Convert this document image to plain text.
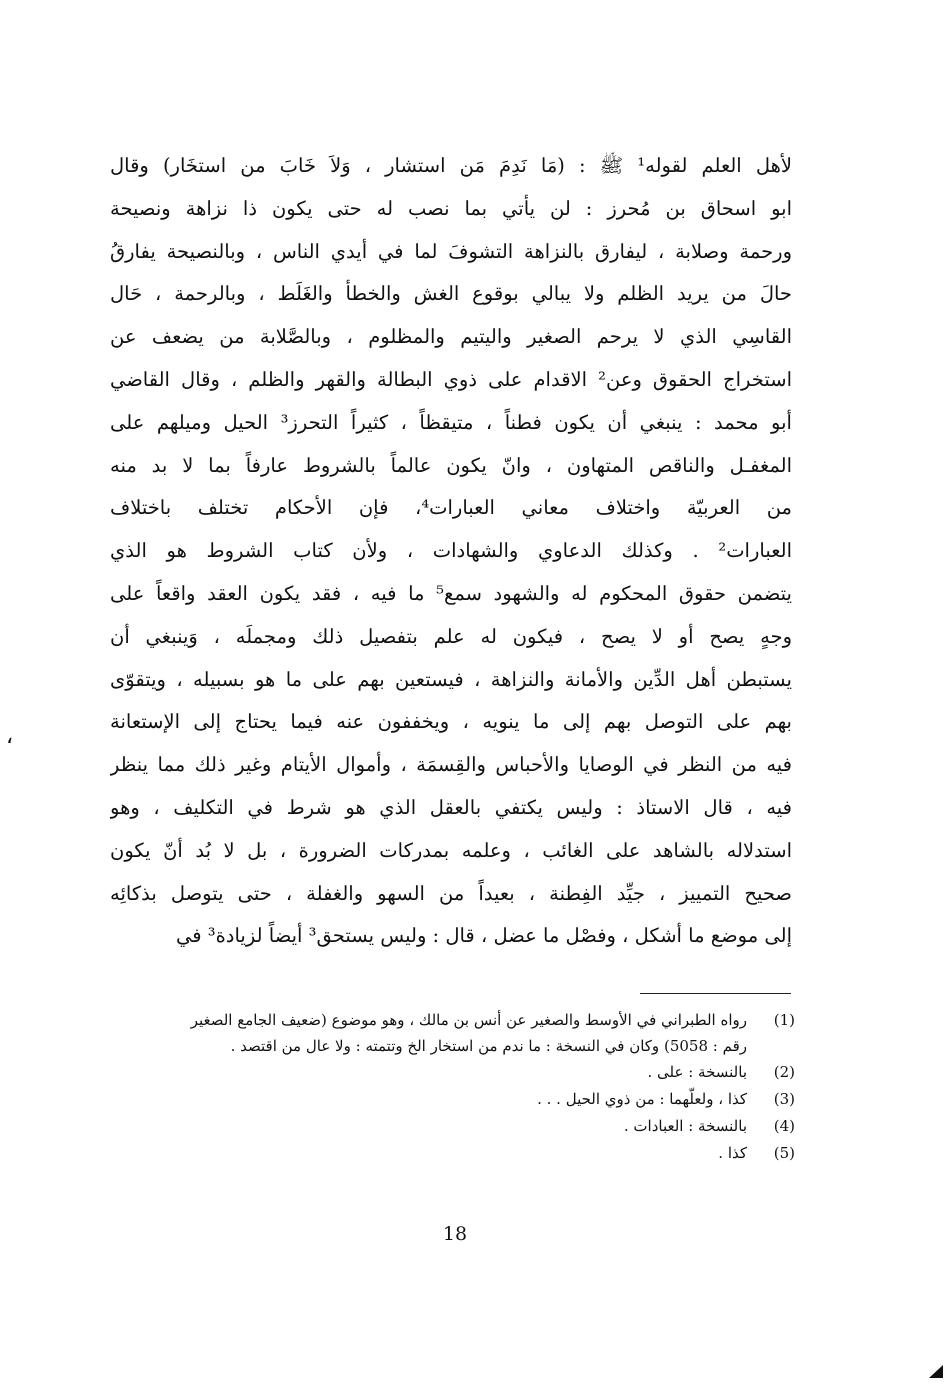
لأهل العلم لقوله¹ ﷺ : (مَا نَدِمَ مَن استشار ، وَلاَ خَابَ من استخَار) وقال
ابو اسحاق بن مُحرز : لن يأتي بما نصب له حتى يكون ذا نزاهة ونصيحة
ورحمة وصلابة ، ليفارق بالنزاهة التشوفَ لما في أيدي الناس ، وبالنصيحة يفارقُ
حالَ من يريد الظلم ولا يبالي بوقوع الغش والخطأ والغَلَط ، وبالرحمة ، حَال
القاسِي الذي لا يرحم الصغير واليتيم والمظلوم ، وبالصَّلابة من يضعف عن
استخراج الحقوق وعن² الاقدام على ذوي البطالة والقهر والظلم ، وقال القاضي
أبو محمد : ينبغي أن يكون فطناً ، متيقظاً ، كثيراً التحرز³ الحيل وميلهم على
المغفـل والناقص المتهاون ، وانّ يكون عالماً بالشروط عارفاً بما لا بد منه
من العربيّة واختلاف معاني العبارات⁴، فإن الأحكام تختلف باختلاف
العبارات² . وكذلك الدعاوي والشهادات ، ولأن كتاب الشروط هو الذي
يتضمن حقوق المحكوم له والشهود سمع⁵ ما فيه ، فقد يكون العقد واقعاً على
وجهٍ يصح أو لا يصح ، فيكون له علم بتفصيل ذلك ومجملَه ، وَينبغي أن
يستبطن أهل الدِّين والأمانة والنزاهة ، فيستعين بهم على ما هو بسبيله ، ويتقوّى
بهم على التوصل بهم إلى ما ينويه ، ويخففون عنه فيما يحتاج إلى الإستعانة
فيه من النظر في الوصايا والأحباس والقِسمَة ، وأموال الأيتام وغير ذلك مما ينظر
فيه ، قال الاستاذ : وليس يكتفي بالعقل الذي هو شرط في التكليف ، وهو
استدلاله بالشاهد على الغائب ، وعلمه بمدركات الضرورة ، بل لا بُد أنّ يكون
صحيح التمييز ، جيِّد الفِطنة ، بعيداً من السهو والغفلة ، حتى يتوصل بذكائِه
إلى موضع ما أشكل ، وفصْل ما عضل ، قال : وليس يستحق³ أيضاً لزيادة³ في
،
(1)
رواه الطبراني في الأوسط والصغير عن أنس بن مالك ، وهو موضوع (ضعيف الجامع الصغير
رقم : 5058) وكان في النسخة : ما ندم من استخار الخ وتتمته : ولا عال من اقتصد .
(2)
بالنسخة : على .
(3)
كذا ، ولعلّهما : من ذوي الحيل . . .
(4)
بالنسخة : العبادات .
(5)
كذا .
18
